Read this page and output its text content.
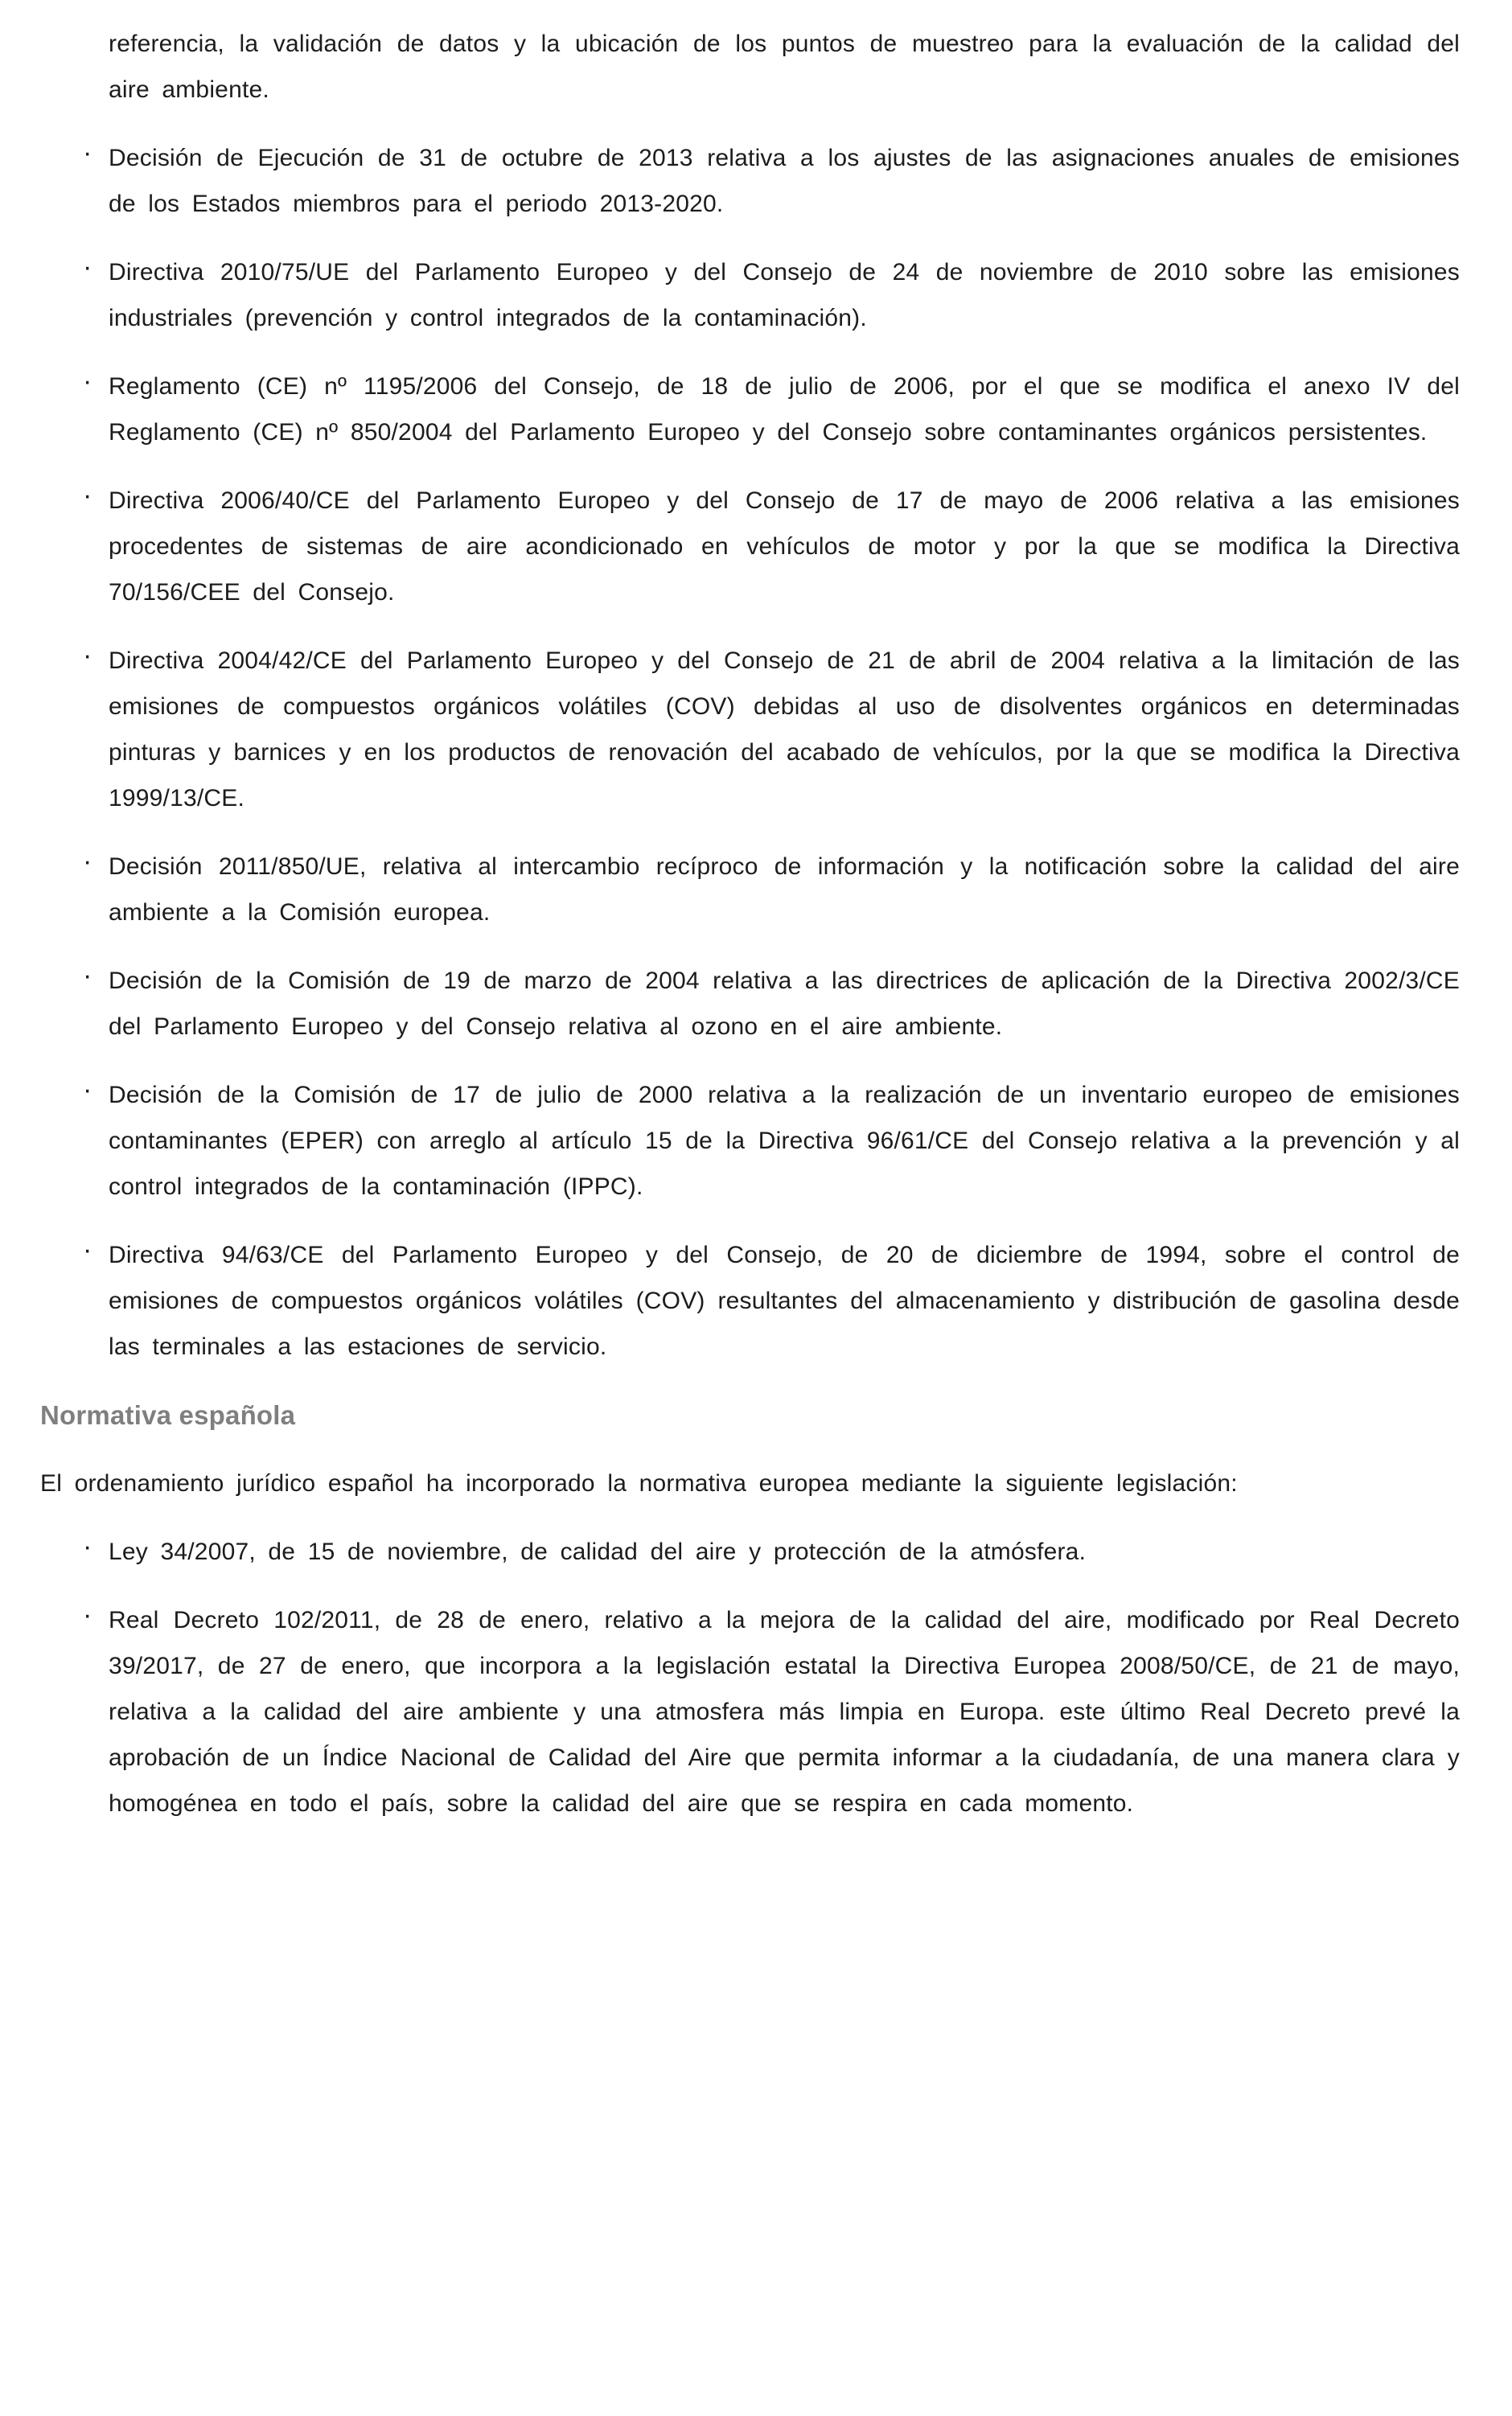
referencia, la validación de datos y la ubicación de los puntos de muestreo para la evaluación de la calidad del aire ambiente.

· Decisión de Ejecución de 31 de octubre de 2013 relativa a los ajustes de las asignaciones anuales de emisiones de los Estados miembros para el periodo 2013-2020.
· Directiva 2010/75/UE del Parlamento Europeo y del Consejo de 24 de noviembre de 2010 sobre las emisiones industriales (prevención y control integrados de la contaminación).
· Reglamento (CE) nº 1195/2006 del Consejo, de 18 de julio de 2006, por el que se modifica el anexo IV del Reglamento (CE) nº 850/2004 del Parlamento Europeo y del Consejo sobre contaminantes orgánicos persistentes.
· Directiva 2006/40/CE del Parlamento Europeo y del Consejo de 17 de mayo de 2006 relativa a las emisiones procedentes de sistemas de aire acondicionado en vehículos de motor y por la que se modifica la Directiva 70/156/CEE del Consejo.
· Directiva 2004/42/CE del Parlamento Europeo y del Consejo de 21 de abril de 2004 relativa a la limitación de las emisiones de compuestos orgánicos volátiles (COV) debidas al uso de disolventes orgánicos en determinadas pinturas y barnices y en los productos de renovación del acabado de vehículos, por la que se modifica la Directiva 1999/13/CE.
· Decisión 2011/850/UE, relativa al intercambio recíproco de información y la notificación sobre la calidad del aire ambiente a la Comisión europea.
· Decisión de la Comisión de 19 de marzo de 2004 relativa a las directrices de aplicación de la Directiva 2002/3/CE del Parlamento Europeo y del Consejo relativa al ozono en el aire ambiente.
· Decisión de la Comisión de 17 de julio de 2000 relativa a la realización de un inventario europeo de emisiones contaminantes (EPER) con arreglo al artículo 15 de la Directiva 96/61/CE del Consejo relativa a la prevención y al control integrados de la contaminación (IPPC).
· Directiva 94/63/CE del Parlamento Europeo y del Consejo, de 20 de diciembre de 1994, sobre el control de emisiones de compuestos orgánicos volátiles (COV) resultantes del almacenamiento y distribución de gasolina desde las terminales a las estaciones de servicio.
Normativa española

El ordenamiento jurídico español ha incorporado la normativa europea mediante la siguiente legislación:

· Ley 34/2007, de 15 de noviembre, de calidad del aire y protección de la atmósfera.
· Real Decreto 102/2011, de 28 de enero, relativo a la mejora de la calidad del aire, modificado por Real Decreto 39/2017, de 27 de enero, que incorpora a la legislación estatal la Directiva Europea 2008/50/CE, de 21 de mayo, relativa a la calidad del aire ambiente y una atmosfera más limpia en Europa. este último Real Decreto prevé la aprobación de un Índice Nacional de Calidad del Aire que permita informar a la ciudadanía, de una manera clara y homogénea en todo el país, sobre la calidad del aire que se respira en cada momento.
